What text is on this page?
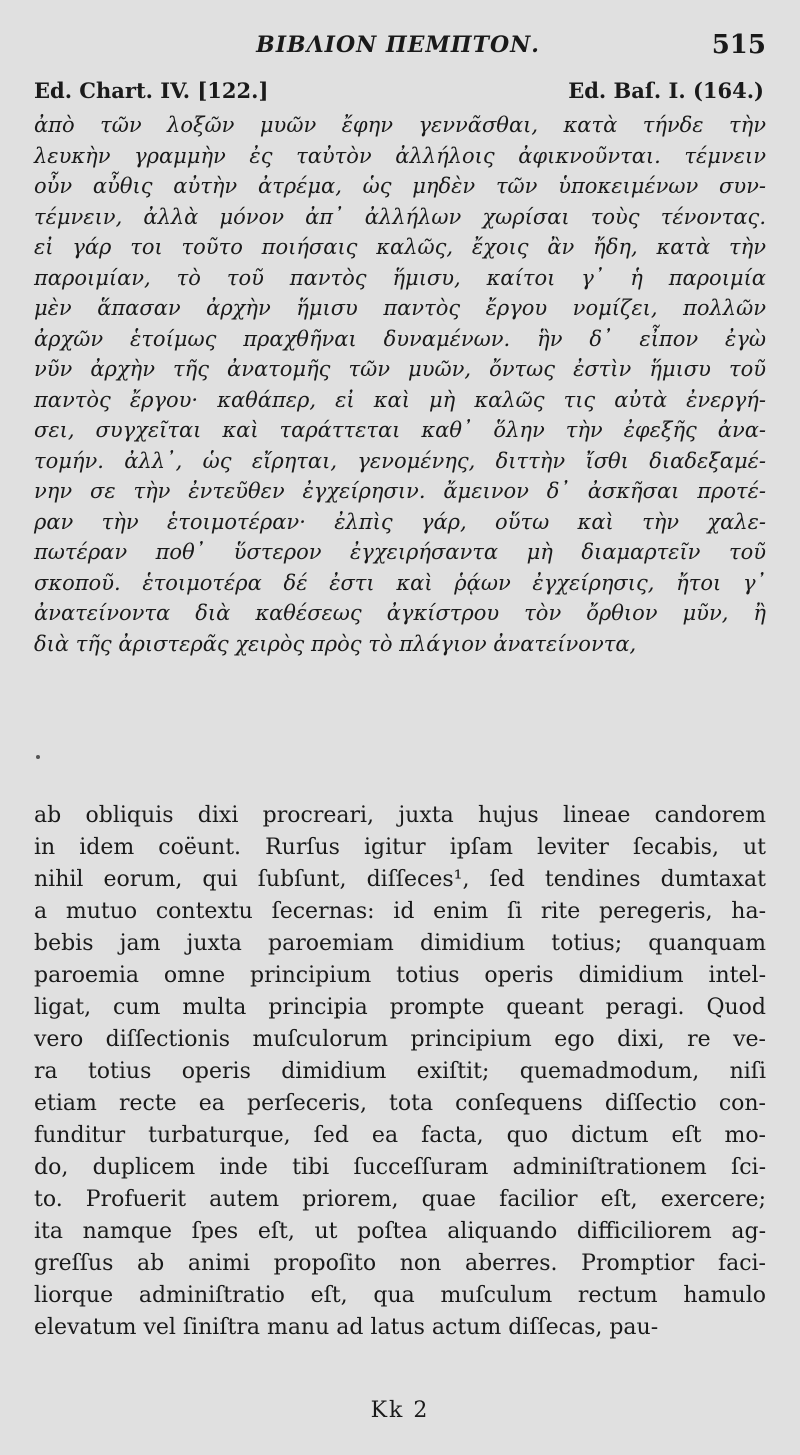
ΒΙΒΛΙΟΝ ΠΕΜΠΤΟΝ.	515
Ed. Chart. IV. [122.]	Ed. Baſ. I. (164.)
ἀπὸ τῶν λοξῶν μυῶν ἔφην γεννᾶσθαι, κατὰ τήνδε τὴν
λευκὴν γραμμὴν ἐς ταὐτὸν ἀλλήλοις ἀφικνοῦνται. τέμνειν
οὖν αὖθις αὐτὴν ἀτρέμα, ὡς μηδὲν τῶν ὑποκειμένων συν-
τέμνειν, ἀλλὰ μόνον ἀπ᾽ ἀλλήλων χωρίσαι τοὺς τένοντας.
εἰ γάρ τοι τοῦτο ποιήσαις καλῶς, ἔχοις ἂν ἤδη, κατὰ τὴν
παροιμίαν, τὸ τοῦ παντὸς ἥμισυ, καίτοι γ᾽ ἡ παροιμία
μὲν ἅπασαν ἀρχὴν ἥμισυ παντὸς ἔργου νομίζει, πολλῶν
ἀρχῶν ἑτοίμως πραχθῆναι δυναμένων. ἣν δ᾽ εἶπον ἐγὼ
νῦν ἀρχὴν τῆς ἀνατομῆς τῶν μυῶν, ὄντως ἐστὶν ἥμισυ τοῦ
παντὸς ἔργου· καθάπερ, εἰ καὶ μὴ καλῶς τις αὐτὰ ἐνεργή-
σει, συγχεῖται καὶ ταράττεται καθ᾽ ὅλην τὴν ἐφεξῆς ἀνα-
τομήν. ἀλλ᾽, ὡς εἴρηται, γενομένης, διττὴν ἴσθι διαδεξαμέ-
νην σε τὴν ἐντεῦθεν ἐγχείρησιν. ἄμεινον δ᾽ ἀσκῆσαι προτέ-
ραν τὴν ἑτοιμοτέραν· ἐλπὶς γάρ, οὕτω καὶ τὴν χαλε-
πωτέραν ποθ᾽ ὕστερον ἐγχειρήσαντα μὴ διαμαρτεῖν τοῦ
σκοποῦ. ἑτοιμοτέρα δέ ἐστι καὶ ῥᾴων ἐγχείρησις, ἤτοι γ᾽
ἀνατείνοντα διὰ καθέσεως ἀγκίστρου τὸν ὄρθιον μῦν, ἢ
διὰ τῆς ἀριστερᾶς χειρὸς πρὸς τὸ πλάγιον ἀνατείνοντα,
ab obliquis dixi procreari, juxta hujus lineae candorem
in idem coëunt. Rurſus igitur ipſam leviter ſecabis, ut
nihil eorum, qui ſubſunt, diſſeces¹, ſed tendines dumtaxat
a mutuo contextu ſecernas: id enim ſi rite peregeris, ha-
bebis jam juxta paroemiam dimidium totius; quanquam
paroemia omne principium totius operis dimidium intel-
ligat, cum multa principia prompte queant peragi. Quod
vero diſſectionis muſculorum principium ego dixi, re ve-
ra totius operis dimidium exiſtit; quemadmodum, niſi
etiam recte ea perſeceris, tota conſequens diſſectio con-
funditur turbaturque, ſed ea facta, quo dictum eſt mo-
do, duplicem inde tibi ſucceſſuram adminiſtrationem ſci-
to. Profuerit autem priorem, quae facilior eſt, exercere;
ita namque ſpes eſt, ut poſtea aliquando difficiliorem ag-
greſſus ab animi propoſito non aberres. Promptior faci-
liorque adminiſtratio eſt, qua muſculum rectum hamulo
elevatum vel ſiniſtra manu ad latus actum diſſecas, pau-
Kk 2
